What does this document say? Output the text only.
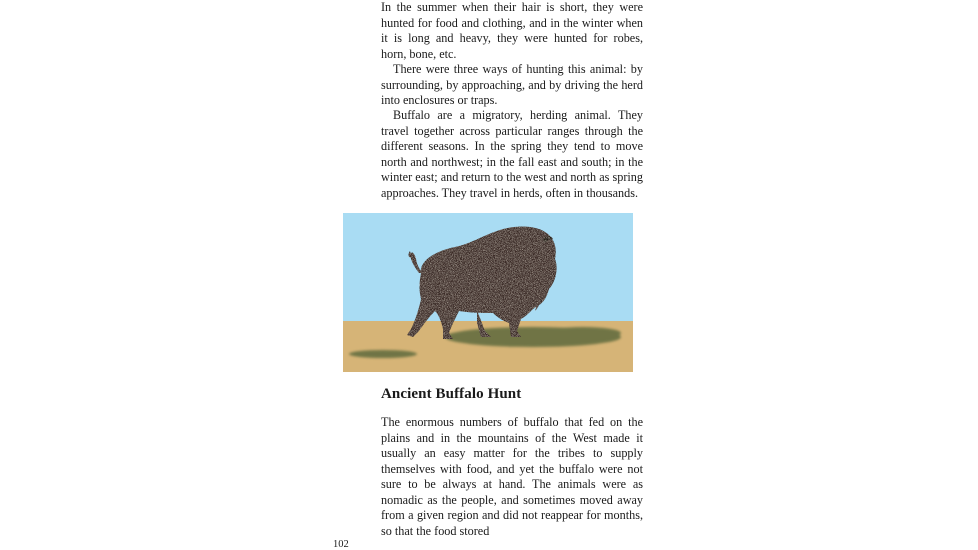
In the summer when their hair is short, they were hunted for food and clothing, and in the winter when it is long and heavy, they were hunted for robes, horn, bone, etc.

There were three ways of hunting this animal: by surrounding, by approaching, and by driving the herd into enclosures or traps.

Buffalo are a migratory, herding animal. They travel together across particular ranges through the different seasons. In the spring they tend to move north and northwest; in the fall east and south; in the winter east; and return to the west and north as spring approaches. They travel in herds, often in thousands.

Ancient Buffalo Hunt

The enormous numbers of buffalo that fed on the plains and in the mountains of the West made it usually an easy matter for the tribes to supply themselves with food, and yet the buffalo were not sure to be always at hand. The animals were as nomadic as the people, and sometimes moved away from a given region and did not reappear for months, so that the food stored

102
